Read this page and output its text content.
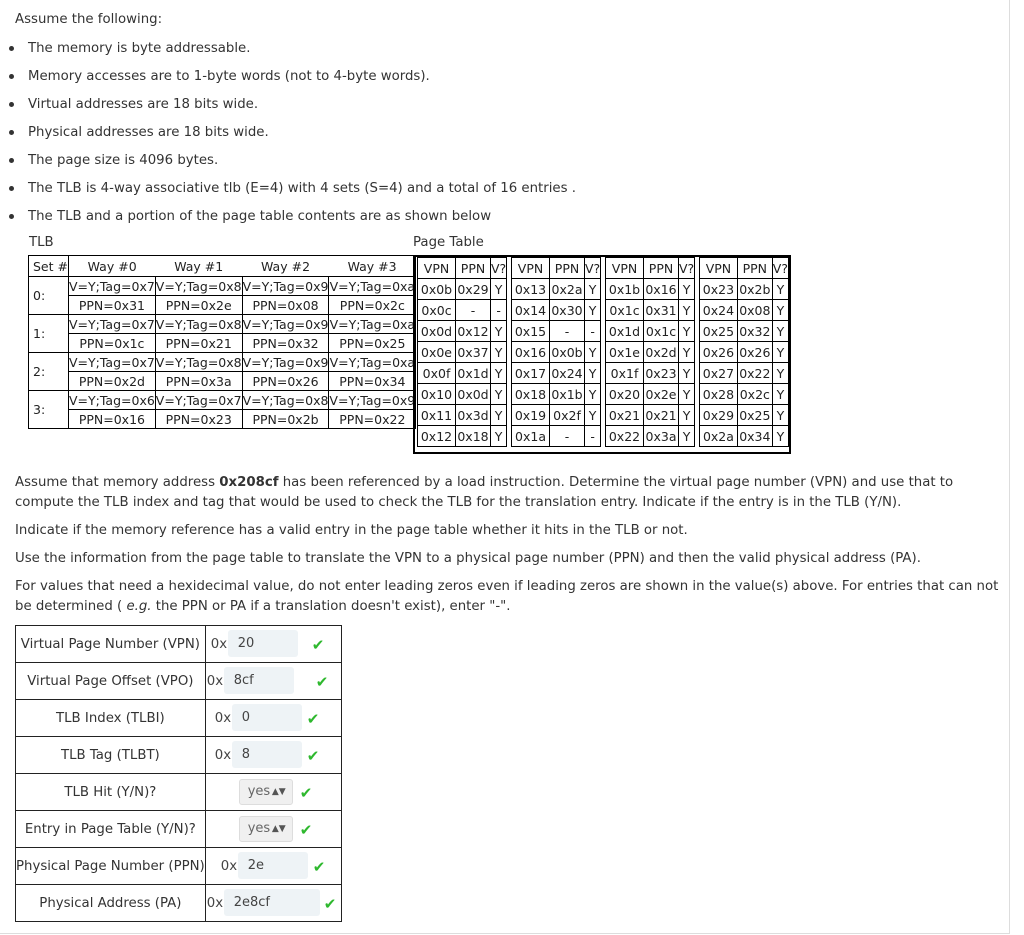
Assume the following:
The memory is byte addressable.
Memory accesses are to 1-byte words (not to 4-byte words).
Virtual addresses are 18 bits wide.
Physical addresses are 18 bits wide.
The page size is 4096 bytes.
The TLB is 4-way associative tlb (E=4) with 4 sets (S=4) and a total of 16 entries .
The TLB and a portion of the page table contents are as shown below
TLB	Page Table
Set #	Way #0	Way #1	Way #2	Way #3
0:	V=Y;Tag=0x7	V=Y;Tag=0x8	V=Y;Tag=0x9	V=Y;Tag=0xa
	PPN=0x31	PPN=0x2e	PPN=0x08	PPN=0x2c
1:	V=Y;Tag=0x7	V=Y;Tag=0x8	V=Y;Tag=0x9	V=Y;Tag=0xa
	PPN=0x1c	PPN=0x21	PPN=0x32	PPN=0x25
2:	V=Y;Tag=0x7	V=Y;Tag=0x8	V=Y;Tag=0x9	V=Y;Tag=0xa
	PPN=0x2d	PPN=0x3a	PPN=0x26	PPN=0x34
3:	V=Y;Tag=0x6	V=Y;Tag=0x7	V=Y;Tag=0x8	V=Y;Tag=0x9
	PPN=0x16	PPN=0x23	PPN=0x2b	PPN=0x22
VPN	PPN	V?
0x0b	0x29	Y
0x0c	-	-
0x0d	0x12	Y
0x0e	0x37	Y
0x0f	0x1d	Y
0x10	0x0d	Y
0x11	0x3d	Y
0x12	0x18	Y
VPN	PPN	V?
0x13	0x2a	Y
0x14	0x30	Y
0x15	-	-
0x16	0x0b	Y
0x17	0x24	Y
0x18	0x1b	Y
0x19	0x2f	Y
0x1a	-	-
VPN	PPN	V?
0x1b	0x16	Y
0x1c	0x31	Y
0x1d	0x1c	Y
0x1e	0x2d	Y
0x1f	0x23	Y
0x20	0x2e	Y
0x21	0x21	Y
0x22	0x3a	Y
VPN	PPN	V?
0x23	0x2b	Y
0x24	0x08	Y
0x25	0x32	Y
0x26	0x26	Y
0x27	0x22	Y
0x28	0x2c	Y
0x29	0x25	Y
0x2a	0x34	Y
Assume that memory address 0x208cf has been referenced by a load instruction. Determine the virtual page number (VPN) and use that to compute the TLB index and tag that would be used to check the TLB for the translation entry. Indicate if the entry is in the TLB (Y/N).
Indicate if the memory reference has a valid entry in the page table whether it hits in the TLB or not.
Use the information from the page table to translate the VPN to a physical page number (PPN) and then the valid physical address (PA).
For values that need a hexidecimal value, do not enter leading zeros even if leading zeros are shown in the value(s) above. For entries that can not be determined ( e.g. the PPN or PA if a translation doesn't exist), enter "-".
Virtual Page Number (VPN)	0x 20 ✔

Virtual Page Offset (VPO)	0x 8cf ✔

TLB Index (TLBI)	0x 0 ✔

TLB Tag (TLBT)	0x 8 ✔

TLB Hit (Y/N)?	yes ▲▼ ✔

Entry in Page Table (Y/N)?	yes ▲▼ ✔

Physical Page Number (PPN)	0x 2e ✔

Physical Address (PA)	0x 2e8cf ✔
